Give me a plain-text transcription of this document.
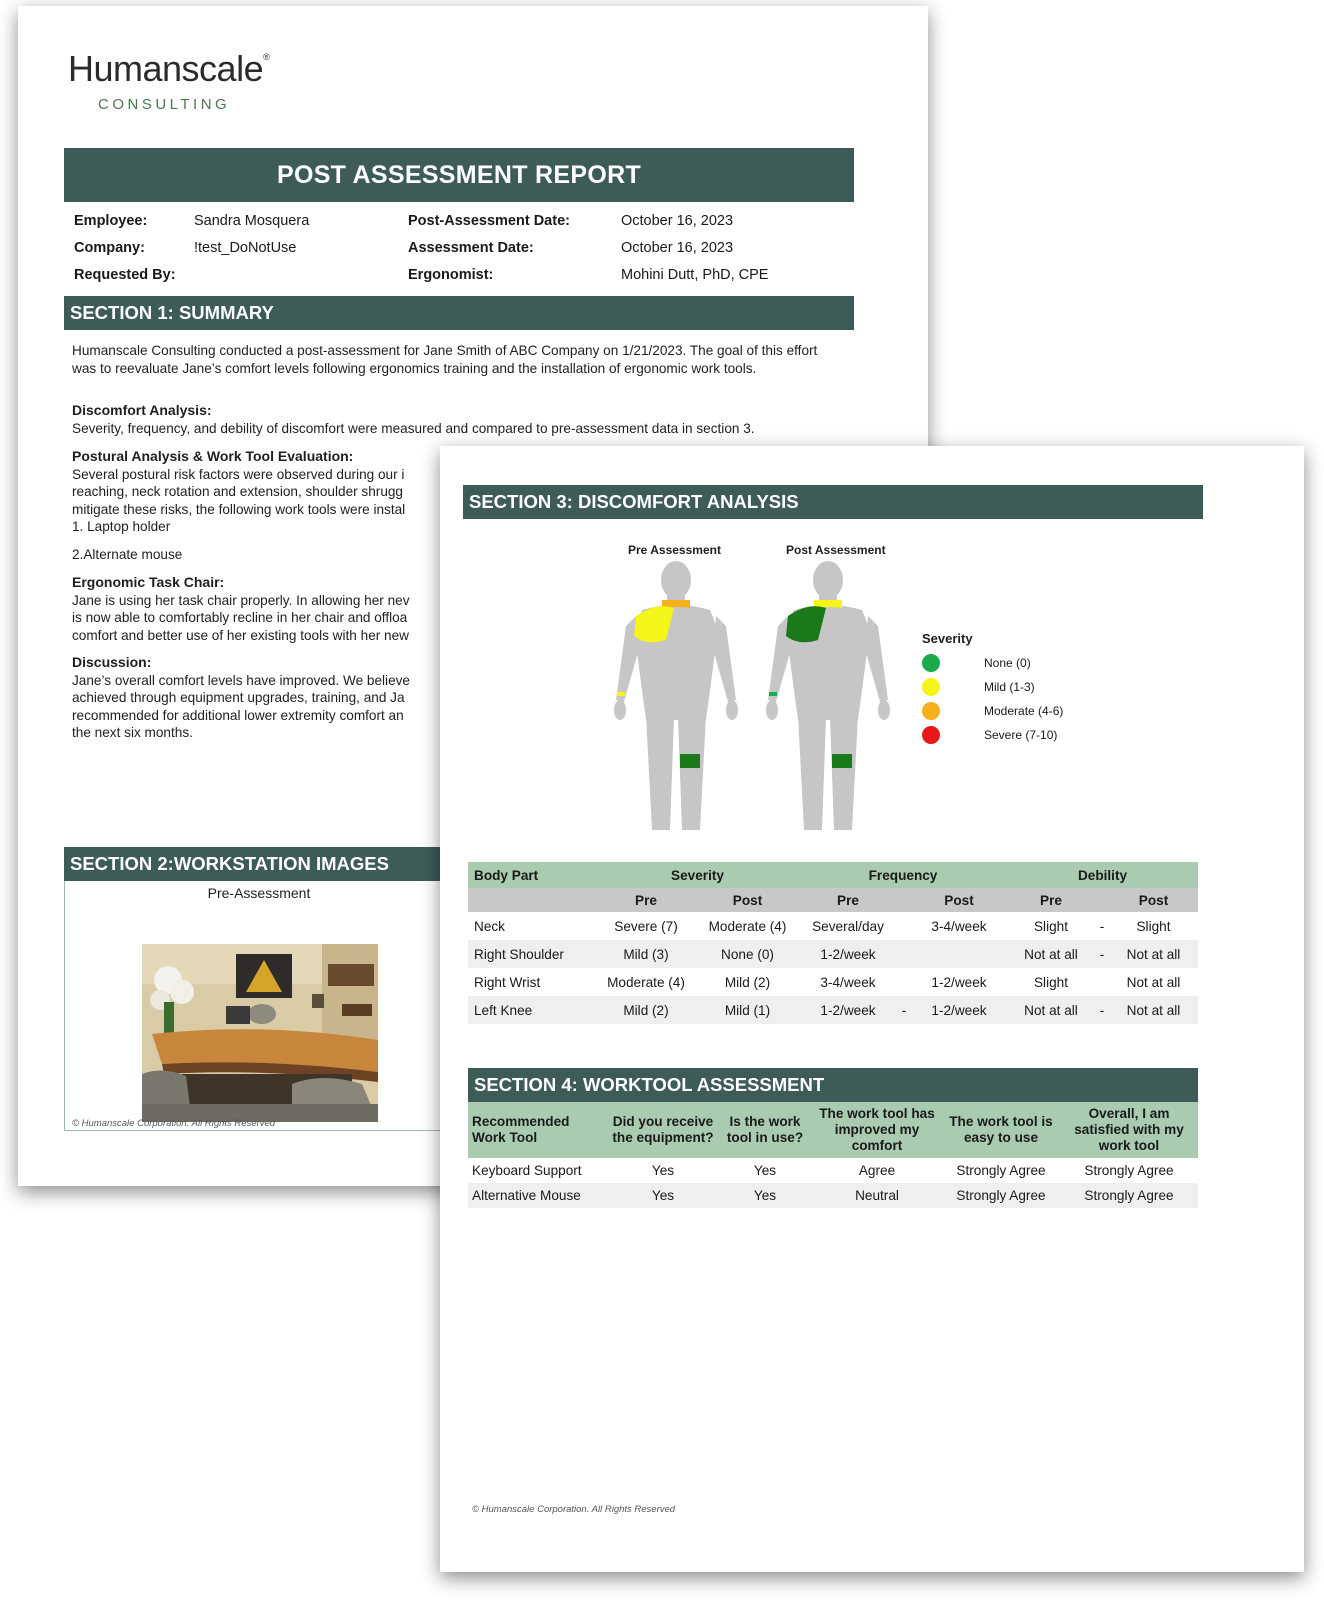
Humanscale®
CONSULTING
POST ASSESSMENT REPORT
Employee:	Sandra Mosquera
Company:	!test_DoNotUse
Requested By:
Post-Assessment Date:	October 16, 2023
Assessment Date:	October 16, 2023
Ergonomist:	Mohini Dutt, PhD, CPE
SECTION 1: SUMMARY
Humanscale Consulting conducted a post-assessment for Jane Smith of ABC Company on 1/21/2023. The goal of this effort was to reevaluate Jane’s comfort levels following ergonomics training and the installation of ergonomic work tools.
Discomfort Analysis:
Severity, frequency, and debility of discomfort were measured and compared to pre-assessment data in section 3.
Postural Analysis & Work Tool Evaluation:
Several postural risk factors were observed during our i
reaching, neck rotation and extension, shoulder shrugg
mitigate these risks, the following work tools were instal
1. Laptop holder
2.Alternate mouse
Ergonomic Task Chair:
Jane is using her task chair properly. In allowing her nev
is now able to comfortably recline in her chair and offloa
comfort and better use of her existing tools with her new
Discussion:
Jane’s overall comfort levels have improved. We believe
achieved through equipment upgrades, training, and Ja
recommended for additional lower extremity comfort an
the next six months.
SECTION 2:WORKSTATION IMAGES
Pre-Assessment
© Humanscale Corporation. All Rights Reserved
SECTION 3: DISCOMFORT ANALYSIS
Pre Assessment	Post Assessment
Severity
None (0)
Mild (1-3)
Moderate (4-6)
Severe (7-10)
Body Part	Severity		Frequency			Debility		
	Pre	Post	Pre		Post	Pre		Post
Neck	Severe (7)	Moderate (4)	Several/day		3-4/week	Slight	-	Slight
Right Shoulder	Mild (3)	None (0)	1-2/week			Not at all	-	Not at all
Right Wrist	Moderate (4)	Mild (2)	3-4/week		1-2/week	Slight		Not at all
Left Knee	Mild (2)	Mild (1)	1-2/week	-	1-2/week	Not at all	-	Not at all
SECTION 4: WORKTOOL ASSESSMENT
Recommended Work Tool	Did you receive the equipment?	Is the work tool in use?	The work tool has improved my comfort	The work tool is easy to use	Overall, I am satisfied with my work tool
Keyboard Support	Yes	Yes	Agree	Strongly Agree	Strongly Agree
Alternative Mouse	Yes	Yes	Neutral	Strongly Agree	Strongly Agree
© Humanscale Corporation. All Rights Reserved
